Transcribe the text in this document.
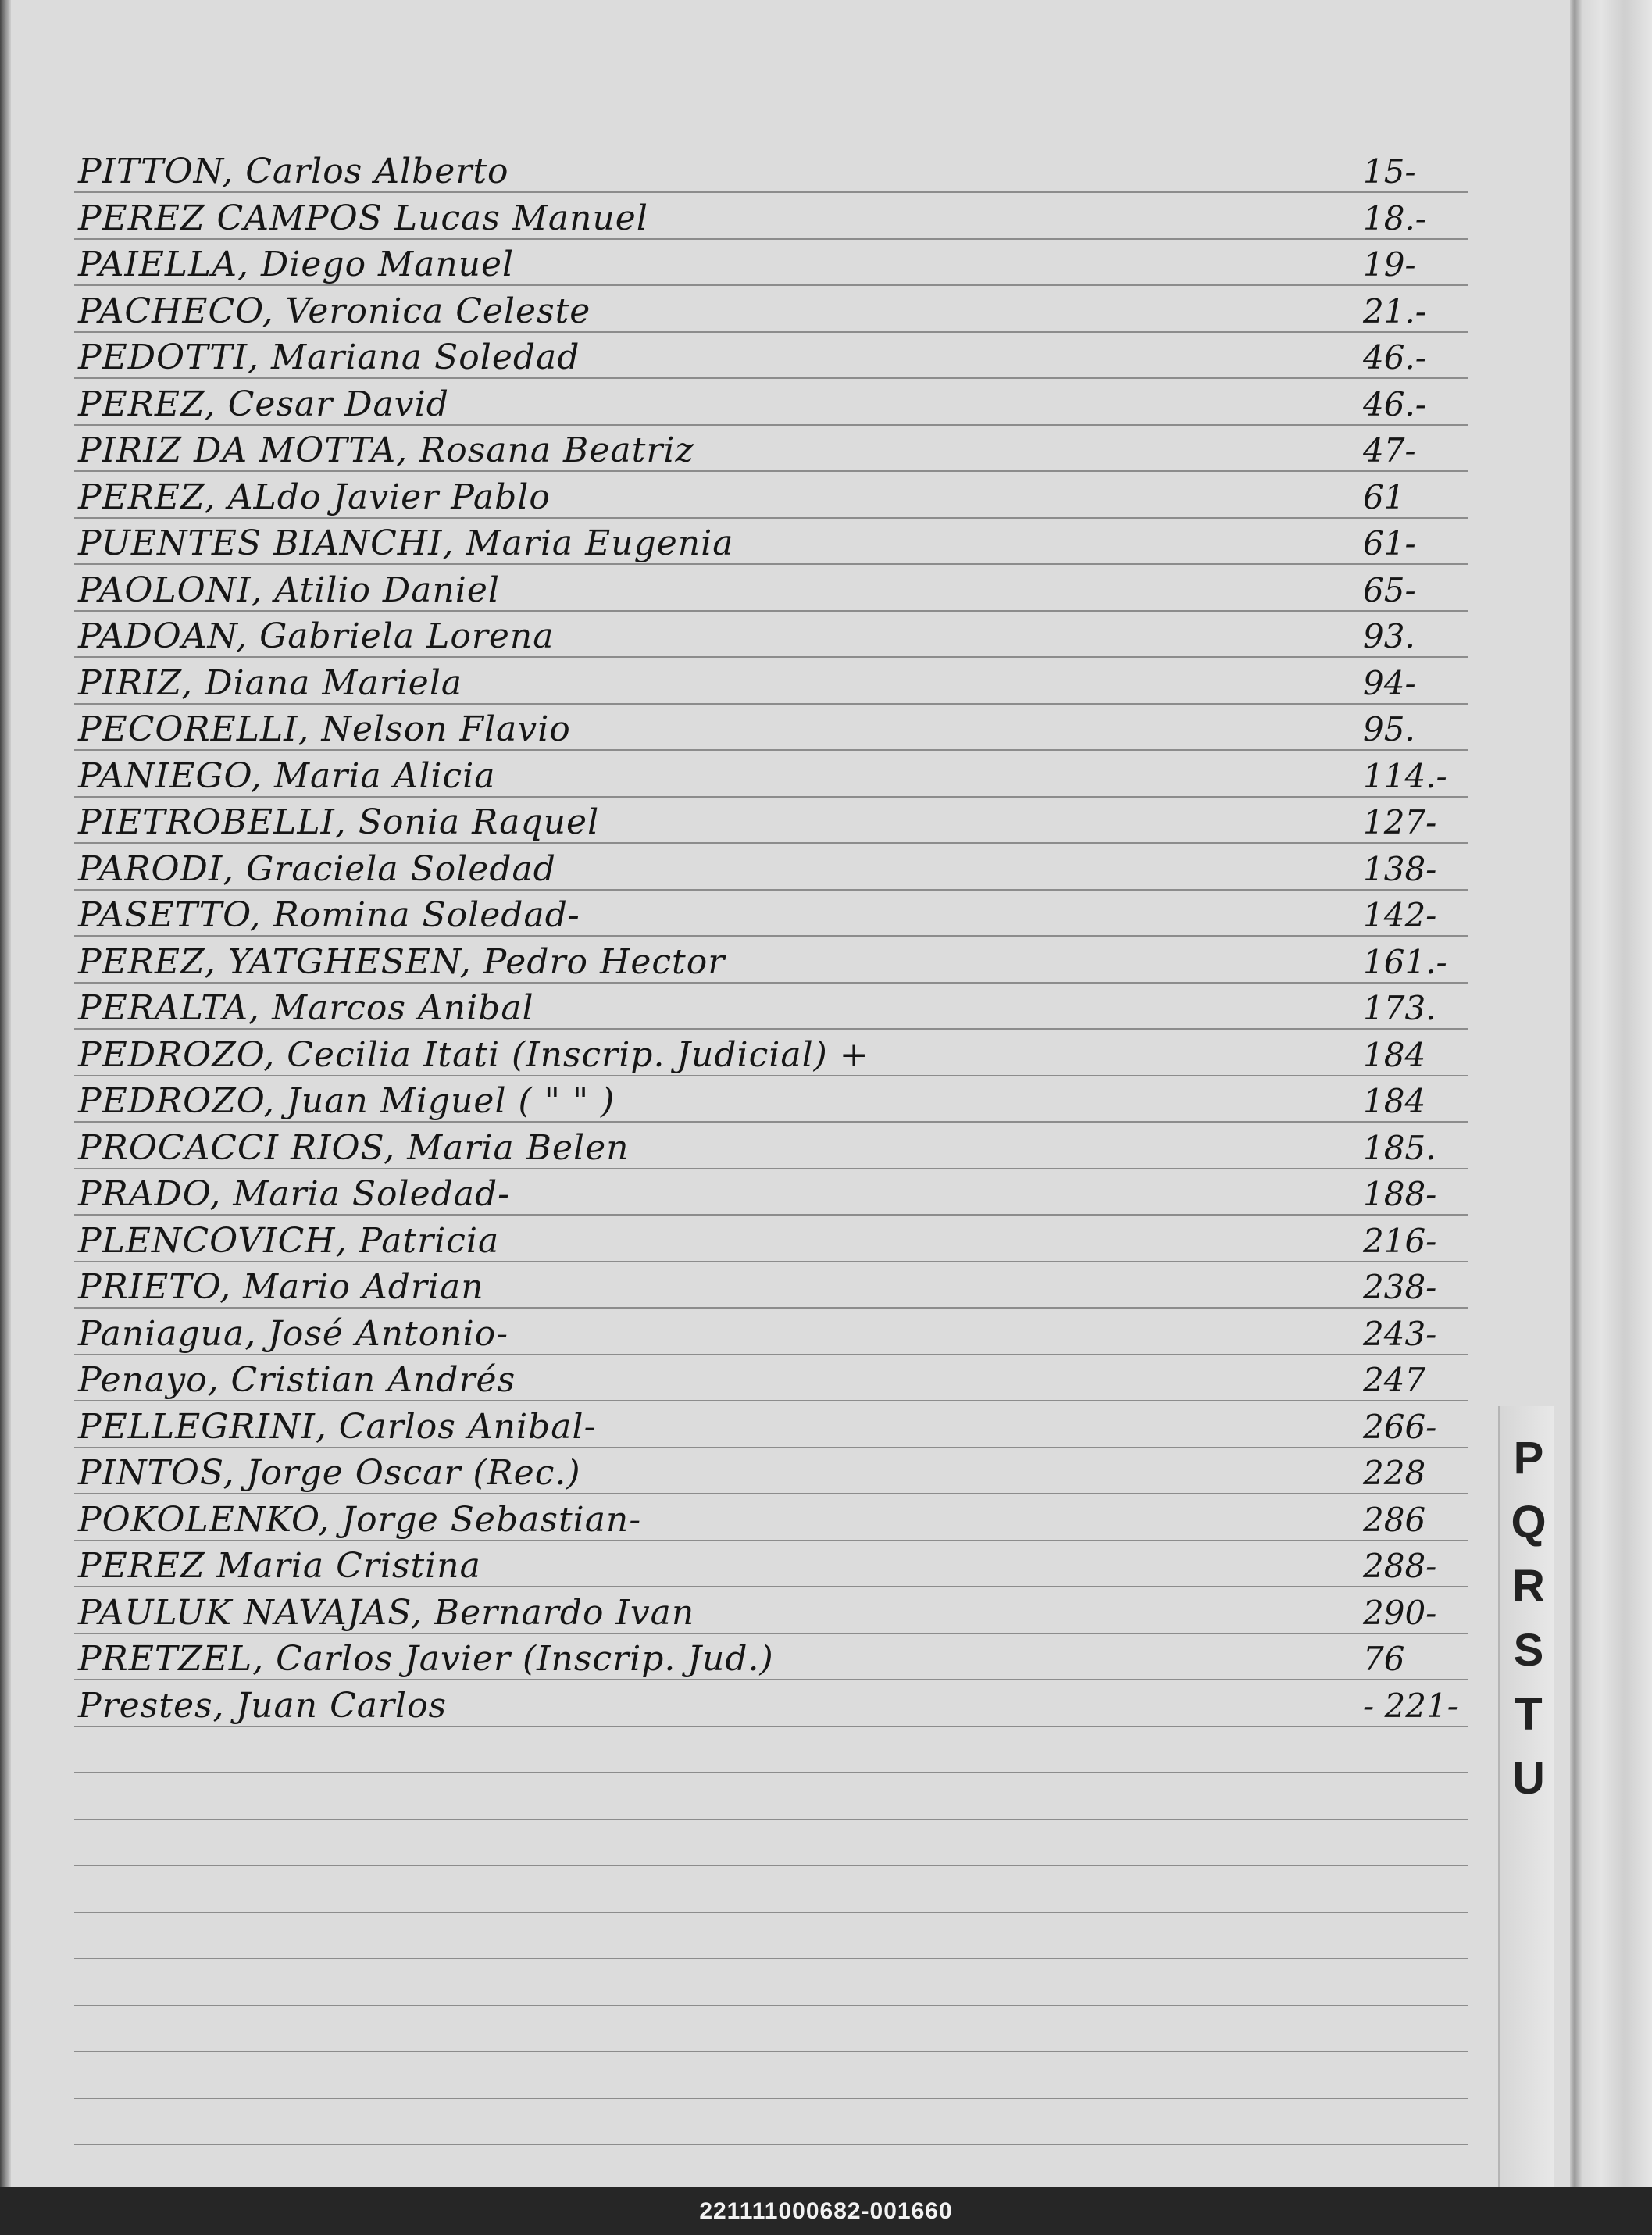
PITTON, Carlos Alberto	15-
PEREZ CAMPOS Lucas Manuel	18.-
PAIELLA, Diego Manuel	19-
PACHECO, Veronica Celeste	21.-
PEDOTTI, Mariana Soledad	46.-
PEREZ, Cesar David	46.-
PIRIZ DA MOTTA, Rosana Beatriz	47-
PEREZ, ALdo Javier Pablo	61
PUENTES BIANCHI, Maria Eugenia	61-
PAOLONI, Atilio Daniel	65-
PADOAN, Gabriela Lorena	93.
PIRIZ, Diana Mariela	94-
PECORELLI, Nelson Flavio	95.
PANIEGO, Maria Alicia	114.-
PIETROBELLI, Sonia Raquel	127-
PARODI, Graciela Soledad	138-
PASETTO, Romina Soledad-	142-
PEREZ, YATGHESEN, Pedro Hector	161.-
PERALTA, Marcos Anibal	173.
PEDROZO, Cecilia Itati (Inscrip. Judicial) +	184
PEDROZO, Juan Miguel ( " " )	184
PROCACCI RIOS, Maria Belen	185.
PRADO, Maria Soledad-	188-
PLENCOVICH, Patricia	216-
PRIETO, Mario Adrian	238-
Paniagua, José Antonio-	243-
Penayo, Cristian Andrés	247
PELLEGRINI, Carlos Anibal-	266-
PINTOS, Jorge Oscar (Rec.)	228
POKOLENKO, Jorge Sebastian-	286
PEREZ Maria Cristina	288-
PAULUK NAVAJAS, Bernardo Ivan	290-
PRETZEL, Carlos Javier (Inscrip. Jud.)	76
Prestes, Juan Carlos	- 221-
P
Q
R
S
T
U
221111000682-001660
